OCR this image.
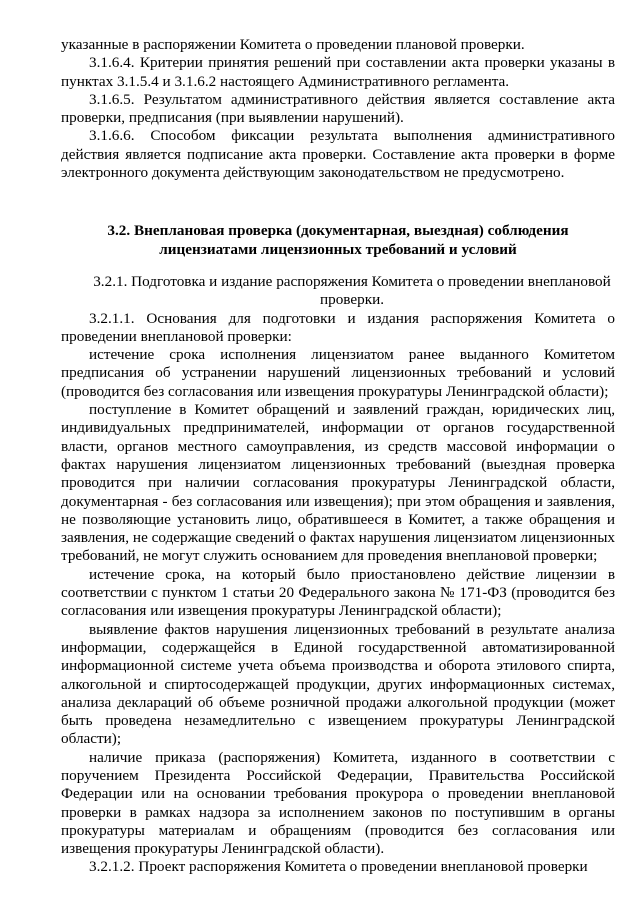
указанные в распоряжении Комитета о проведении плановой проверки.

3.1.6.4. Критерии принятия решений при составлении акта проверки указаны в пунктах 3.1.5.4 и 3.1.6.2 настоящего Административного регламента.

3.1.6.5. Результатом административного действия является составление акта проверки, предписания (при выявлении нарушений).

3.1.6.6. Способом фиксации результата выполнения административного действия является подписание акта проверки. Составление акта проверки в форме электронного документа действующим законодательством не предусмотрено.

3.2. Внеплановая проверка (документарная, выездная) соблюдения лицензиатами лицензионных требований и условий

3.2.1. Подготовка и издание распоряжения Комитета о проведении внеплановой проверки.

3.2.1.1. Основания для подготовки и издания распоряжения Комитета о проведении внеплановой проверки:

истечение срока исполнения лицензиатом ранее выданного Комитетом предписания об устранении нарушений лицензионных требований и условий (проводится без согласования или извещения прокуратуры Ленинградской области);

поступление в Комитет обращений и заявлений граждан, юридических лиц, индивидуальных предпринимателей, информации от органов государственной власти, органов местного самоуправления, из средств массовой информации о фактах нарушения лицензиатом лицензионных требований (выездная проверка проводится при наличии согласования прокуратуры Ленинградской области, документарная - без согласования или извещения); при этом обращения и заявления, не позволяющие установить лицо, обратившееся в Комитет, а также обращения и заявления, не содержащие сведений о фактах нарушения лицензиатом лицензионных требований, не могут служить основанием для проведения внеплановой проверки;

истечение срока, на который было приостановлено действие лицензии в соответствии с пунктом 1 статьи 20 Федерального закона № 171-ФЗ (проводится без согласования или извещения прокуратуры Ленинградской области);

выявление фактов нарушения лицензионных требований в результате анализа информации, содержащейся в Единой государственной автоматизированной информационной системе учета объема производства и оборота этилового спирта, алкогольной и спиртосодержащей продукции, других информационных системах, анализа деклараций об объеме розничной продажи алкогольной продукции (может быть проведена незамедлительно с извещением прокуратуры Ленинградской области);

наличие приказа (распоряжения) Комитета, изданного в соответствии с поручением Президента Российской Федерации, Правительства Российской Федерации или на основании требования прокурора о проведении внеплановой проверки в рамках надзора за исполнением законов по поступившим в органы прокуратуры материалам и обращениям (проводится без согласования или извещения прокуратуры Ленинградской области).

3.2.1.2. Проект распоряжения Комитета о проведении внеплановой проверки
